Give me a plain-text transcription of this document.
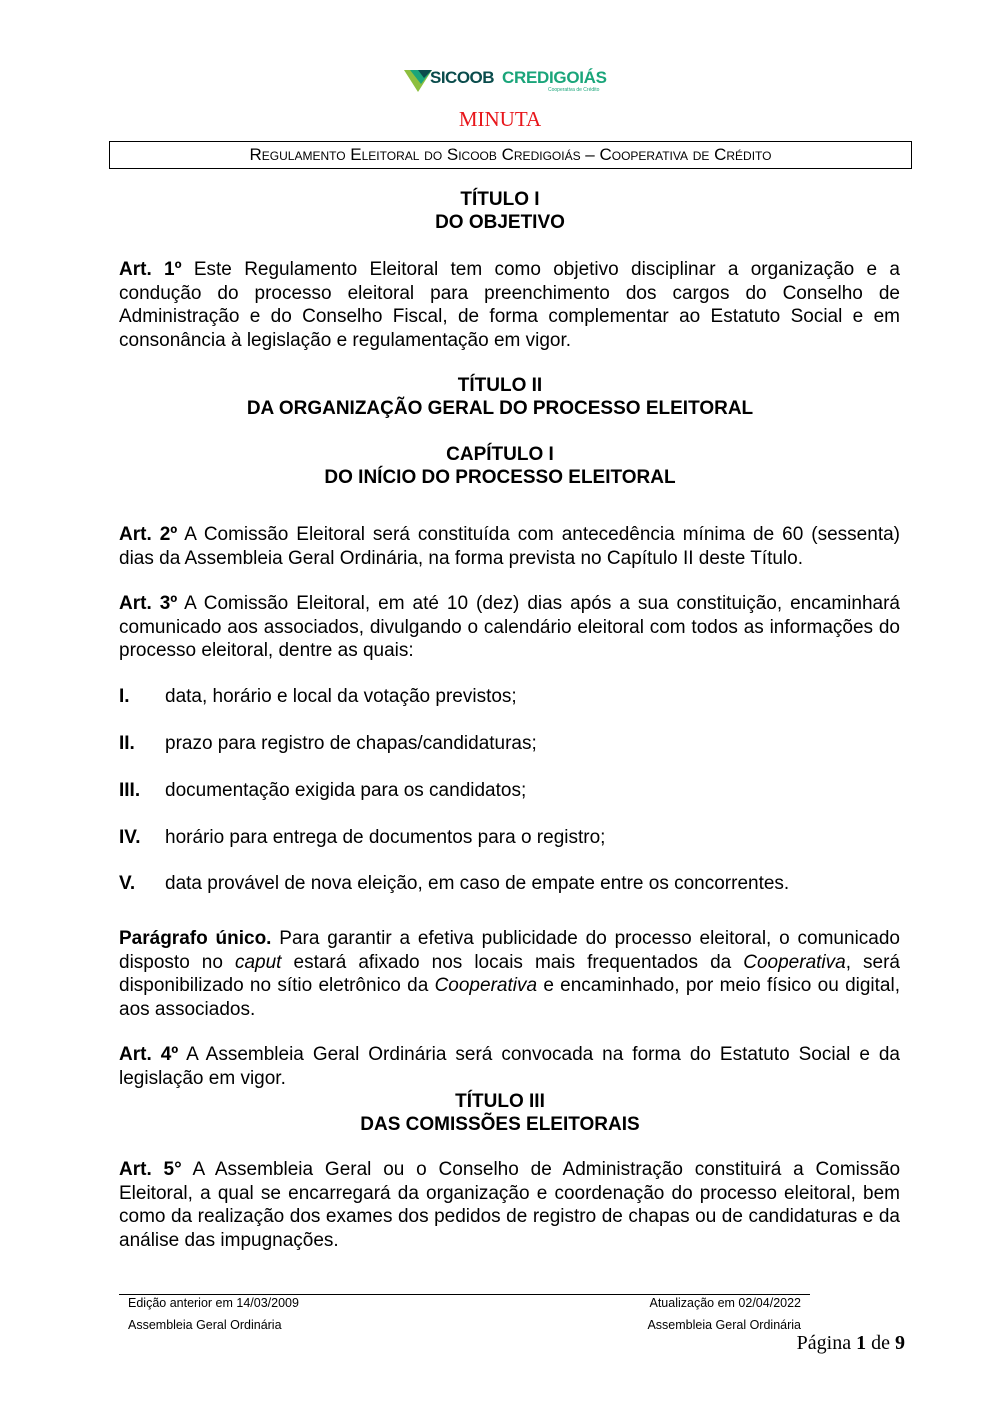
SICOOB CREDIGOIÁS
Cooperativa de Crédito
MINUTA
Regulamento Eleitoral do Sicoob Credigoiás – Cooperativa de Crédito
TÍTULO I
DO OBJETIVO
Art. 1º Este Regulamento Eleitoral tem como objetivo disciplinar a organização e a condução do processo eleitoral para preenchimento dos cargos do Conselho de Administração e do Conselho Fiscal, de forma complementar ao Estatuto Social e em consonância à legislação e regulamentação em vigor.
TÍTULO II
DA ORGANIZAÇÃO GERAL DO PROCESSO ELEITORAL
CAPÍTULO I
DO INÍCIO DO PROCESSO ELEITORAL
Art. 2º A Comissão Eleitoral será constituída com antecedência mínima de 60 (sessenta) dias da Assembleia Geral Ordinária, na forma prevista no Capítulo II deste Título.
Art. 3º A Comissão Eleitoral, em até 10 (dez) dias após a sua constituição, encaminhará comunicado aos associados, divulgando o calendário eleitoral com todos as informações do processo eleitoral, dentre as quais:
I. data, horário e local da votação previstos;
II. prazo para registro de chapas/candidaturas;
III. documentação exigida para os candidatos;
IV. horário para entrega de documentos para o registro;
V. data provável de nova eleição, em caso de empate entre os concorrentes.
Parágrafo único. Para garantir a efetiva publicidade do processo eleitoral, o comunicado disposto no caput estará afixado nos locais mais frequentados da Cooperativa, será disponibilizado no sítio eletrônico da Cooperativa e encaminhado, por meio físico ou digital, aos associados.
Art. 4º A Assembleia Geral Ordinária será convocada na forma do Estatuto Social e da legislação em vigor.
TÍTULO III
DAS COMISSÕES ELEITORAIS
Art. 5° A Assembleia Geral ou o Conselho de Administração constituirá a Comissão Eleitoral, a qual se encarregará da organização e coordenação do processo eleitoral, bem como da realização dos exames dos pedidos de registro de chapas ou de candidaturas e da análise das impugnações.
Edição anterior em 14/03/2009
Assembleia Geral Ordinária
Atualização em 02/04/2022
Assembleia Geral Ordinária
Página 1 de 9
